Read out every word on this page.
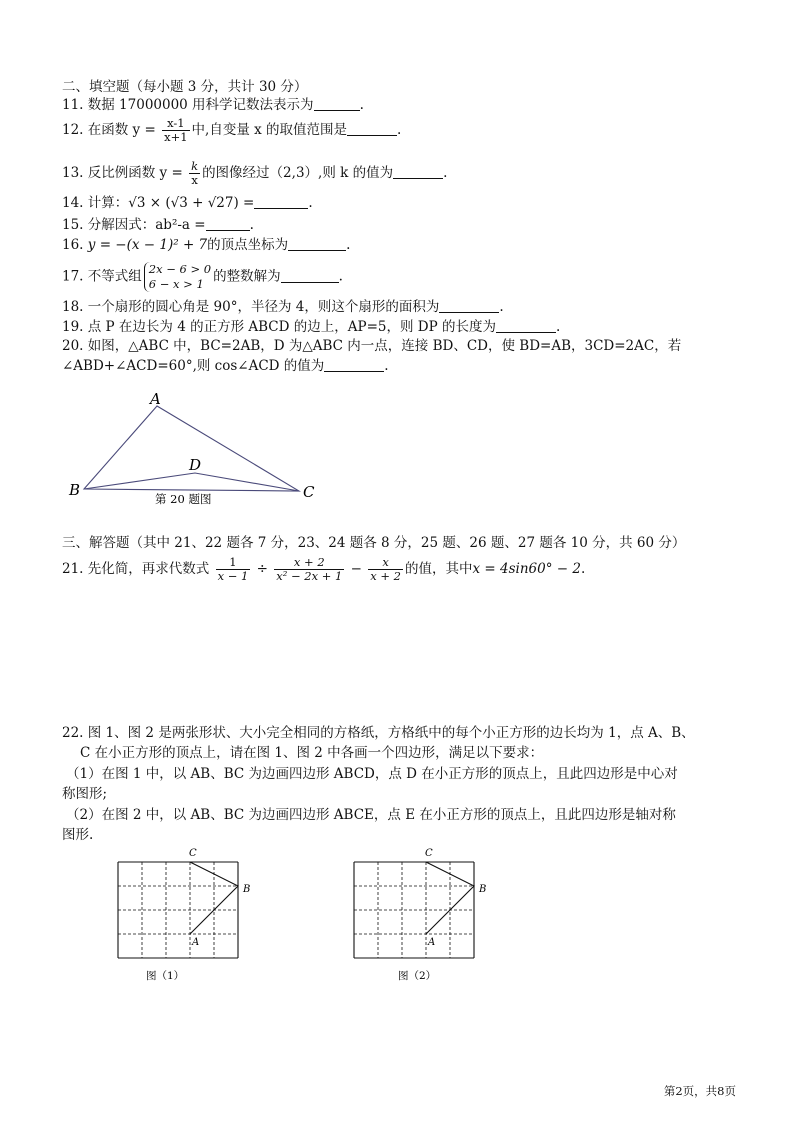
二、填空题（每小题 3 分，共计 30 分）
11. 数据 17000000 用科学记数法表示为	.
12. 在函数 $y = \frac{x-1}{x+1}$ 中,自变量 x 的取值范围是	.
13. 反比例函数 $y = \frac{k}{x}$ 的图像经过（2,3）,则 k 的值为	.
14. 计算：√3 × (√3 + √27) =	.
15. 分解因式：ab²-a =	.
16. y = −(x − 1)² + 7的顶点坐标为	.
17. 不等式组 2x − 6 > 0
6 − x > 1 的整数解为	.
18. 一个扇形的圆心角是 90°，半径为 4，则这个扇形的面积为	.
19. 点 P 在边长为 4 的正方形 ABCD 的边上，AP=5，则 DP 的长度为	.
20. 如图，△ABC 中，BC=2AB，D 为△ABC 内一点，连接 BD、CD，使 BD=AB，3CD=2AC，若
∠ABD+∠ACD=60°,则 cos∠ACD 的值为	.
A
B	C
D
第 20 题图
三、解答题（其中 21、22 题各 7 分，23、24 题各 8 分，25 题、26 题、27 题各 10 分，共 60 分）
21. 先化简，再求代数式 $\frac{1}{x - 1} \div \frac{x + 2}{\text{x² − 2x + 1}} - \frac{x}{x + 2}$ 的值，其中x = 4sin60° − 2.
22. 图 1、图 2 是两张形状、大小完全相同的方格纸，方格纸中的每个小正方形的边长均为 1，点 A、B、
C 在小正方形的顶点上，请在图 1、图 2 中各画一个四边形，满足以下要求：
（1）在图 1 中，以 AB、BC 为边画四边形 ABCD，点 D 在小正方形的顶点上，且此四边形是中心对
称图形;
（2）在图 2 中，以 AB、BC 为边画四边形 ABCE，点 E 在小正方形的顶点上，且此四边形是轴对称
图形.
C
B
A
图（1）
C
B
A
图（2）
第2页，共8页
